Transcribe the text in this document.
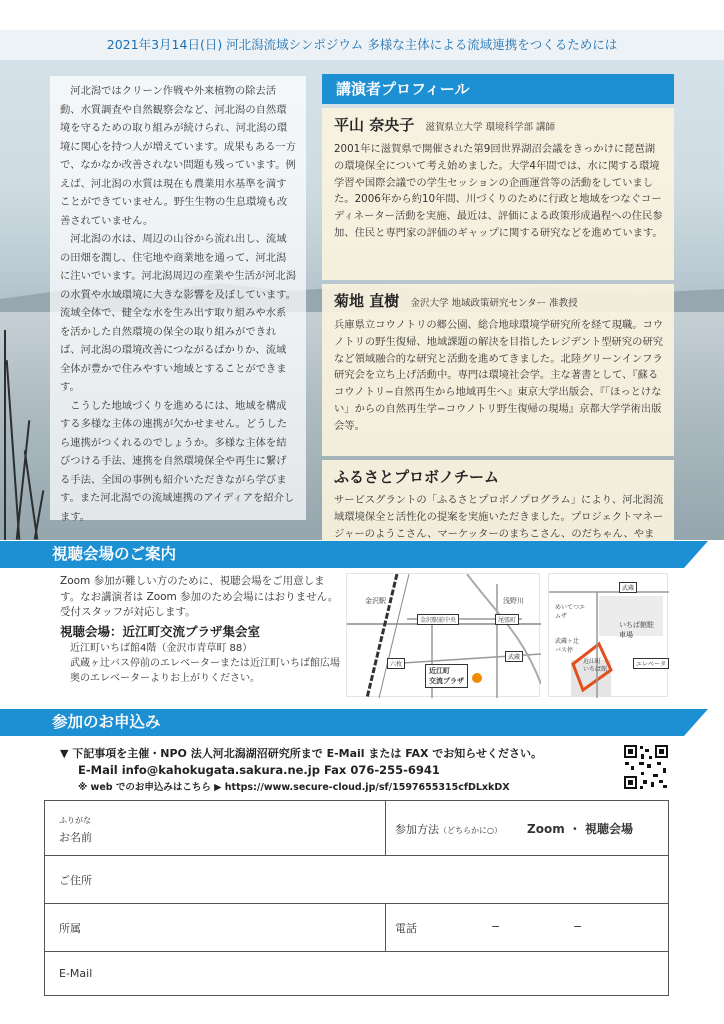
2021年3月14日(日) 河北潟流域シンポジウム 多様な主体による流域連携をつくるためには

河北潟ではクリーン作戦や外来植物の除去活動、水質調査や自然観察会など、河北潟の自然環境を守るための取り組みが続けられ、河北潟の環境に関心を持つ人が増えています。成果もある一方で、なかなか改善されない問題も残っています。例えば、河北潟の水質は現在も農業用水基準を満すことができていません。野生生物の生息環境も改善されていません。

河北潟の水は、周辺の山谷から流れ出し、流域の田畑を潤し、住宅地や商業地を通って、河北潟に注いでいます。河北潟周辺の産業や生活が河北潟の水質や水域環境に大きな影響を及ぼしています。流域全体で、健全な水を生み出す取り組みや水系を活かした自然環境の保全の取り組みができれば、河北潟の環境改善につながるばかりか、流域全体が豊かで住みやすい地域とすることができます。

こうした地域づくりを進めるには、地域を構成する多様な主体の連携が欠かせません。どうしたら連携がつくれるのでしょうか。多様な主体を結びつける手法、連携を自然環境保全や再生に繋げる手法、全国の事例も紹介いただきながら学びます。また河北潟での流域連携のアイディアを紹介します。

講演者プロフィール
平山 奈央子 滋賀県立大学 環境科学部 講師
2001年に滋賀県で開催された第9回世界湖沼会議をきっかけに琵琶湖の環境保全について考え始めました。大学4年間では、水に関する環境学習や国際会議での学生セッションの企画運営等の活動をしていました。2006年から約10年間、川づくりのために行政と地域をつなぐコーディネーター活動を実施、最近は、評価による政策形成過程への住民参加、住民と専門家の評価のギャップに関する研究などを進めています。
菊地 直樹 金沢大学 地域政策研究センター 准教授
兵庫県立コウノトリの郷公園、総合地球環境学研究所を経て現職。コウノトリの野生復帰、地域課題の解決を目指したレジデント型研究の研究など領域融合的な研究と活動を進めてきました。北陸グリーンインフラ研究会を立ち上げ活動中。専門は環境社会学。主な著書として、『蘇るコウノトリ−自然再生から地域再生へ』東京大学出版会、『「ほっとけない」からの自然再生学−コウノトリ野生復帰の現場』京都大学学術出版会等。
ふるさとプロボノチーム
サービスグラントの「ふるさとプロボノプログラム」により、河北潟流域環境保全と活性化の提案を実施いただきました。プロジェクトマネージャーのようこさん、マーケッターのまちこさん、のだちゃん、やま
視聴会場のご案内
Zoom 参加が難しい方のために、視聴会場をご用意します。なお講演者は Zoom 参加のため会場にはおりません。受付スタッフが対応します。
視聴会場：近江町交流プラザ集会室
近江町いちば館4階（金沢市青草町 88）
武蔵ヶ辻バス停前のエレベーターまたは近江町いちば館広場奥のエレベーターよりお上がりください。
金沢駅	浅野川
金沢駅前中央	尾張町
六枚
武蔵
近江町
交流プラザ
武蔵
めいてつエムザ
いちば館駐車場
武蔵ヶ辻バス停
近江町
いちば館
エレベータ
参加のお申込み
▼ 下記事項を主催・NPO 法人河北潟湖沼研究所まで E-Mail または FAX でお知らせください。
E-Mail info@kahokugata.sakura.ne.jp Fax 076-255-6941
※ web でのお申込みはこちら ▶ https://www.secure-cloud.jp/sf/1597655315cfDLxkDX
ふりがな
お名前
参加方法（どちらかに○） Zoom ・ 視聴会場
ご住所
所属	電話	−	−
E-Mail
